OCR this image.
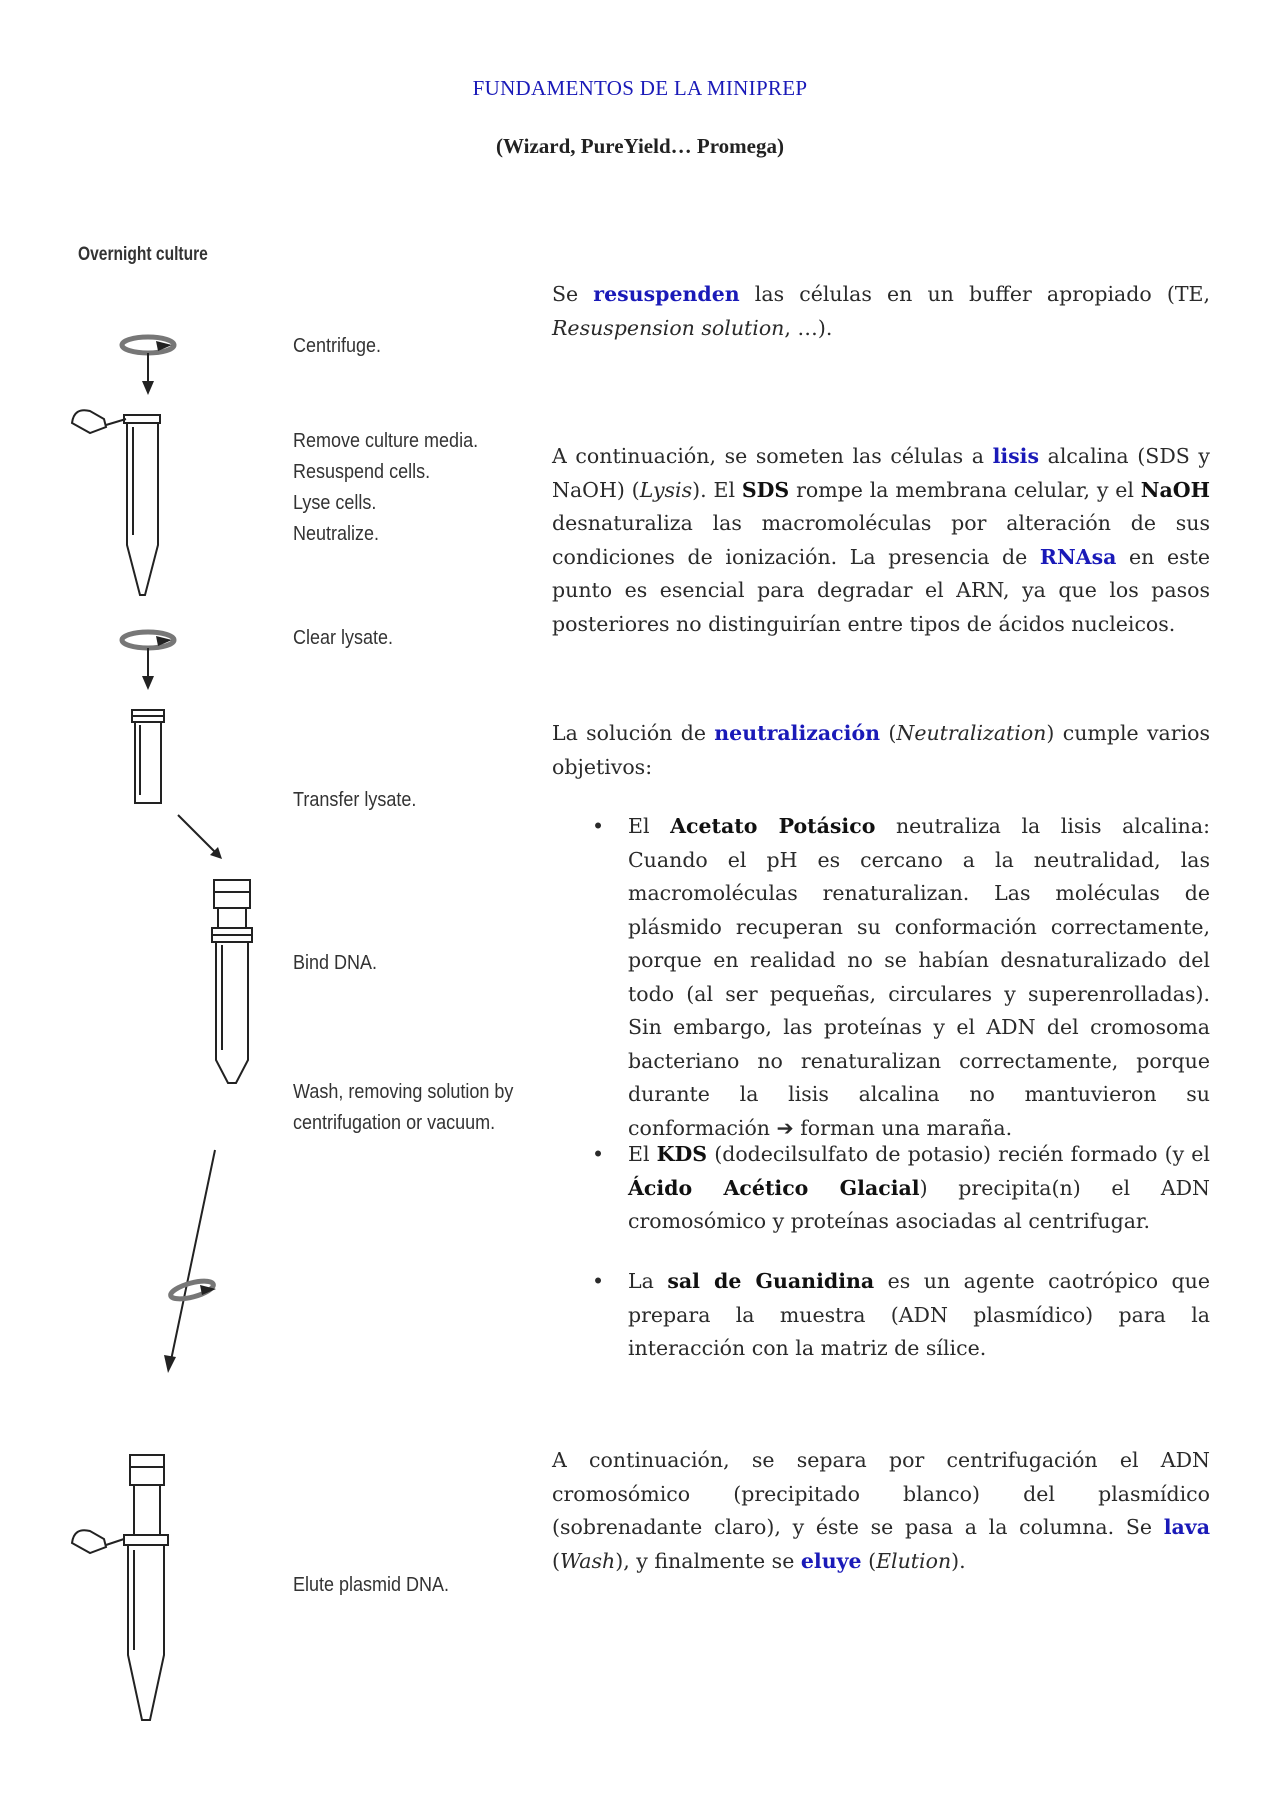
FUNDAMENTOS DE LA MINIPREP
(Wizard, PureYield… Promega)
Overnight culture
Centrifuge.
Remove culture media.
Resuspend cells.
Lyse cells.
Neutralize.
Clear lysate.
Transfer lysate.
Bind DNA.
Wash, removing solution by
centrifugation or vacuum.
Elute plasmid DNA.

Se resuspenden las células en un buffer apropiado (TE, Resuspension solution, …).

A continuación, se someten las células a lisis alcalina (SDS y NaOH) (Lysis). El SDS rompe la membrana celular, y el NaOH desnaturaliza las macromoléculas por alteración de sus condiciones de ionización. La presencia de RNAsa en este punto es esencial para degradar el ARN, ya que los pasos posteriores no distinguirían entre tipos de ácidos nucleicos.

La solución de neutralización (Neutralization) cumple varios objetivos:

• El Acetato Potásico neutraliza la lisis alcalina: Cuando el pH es cercano a la neutralidad, las macromoléculas renaturalizan. Las moléculas de plásmido recuperan su conformación correctamente, porque en realidad no se habían desnaturalizado del todo (al ser pequeñas, circulares y superenrolladas). Sin embargo, las proteínas y el ADN del cromosoma bacteriano no renaturalizan correctamente, porque durante la lisis alcalina no mantuvieron su conformación ➔ forman una maraña.
• El KDS (dodecilsulfato de potasio) recién formado (y el Ácido Acético Glacial) precipita(n) el ADN cromosómico y proteínas asociadas al centrifugar.
• La sal de Guanidina es un agente caotrópico que prepara la muestra (ADN plasmídico) para la interacción con la matriz de sílice.

A continuación, se separa por centrifugación el ADN cromosómico (precipitado blanco) del plasmídico (sobrenadante claro), y éste se pasa a la columna. Se lava (Wash), y finalmente se eluye (Elution).
